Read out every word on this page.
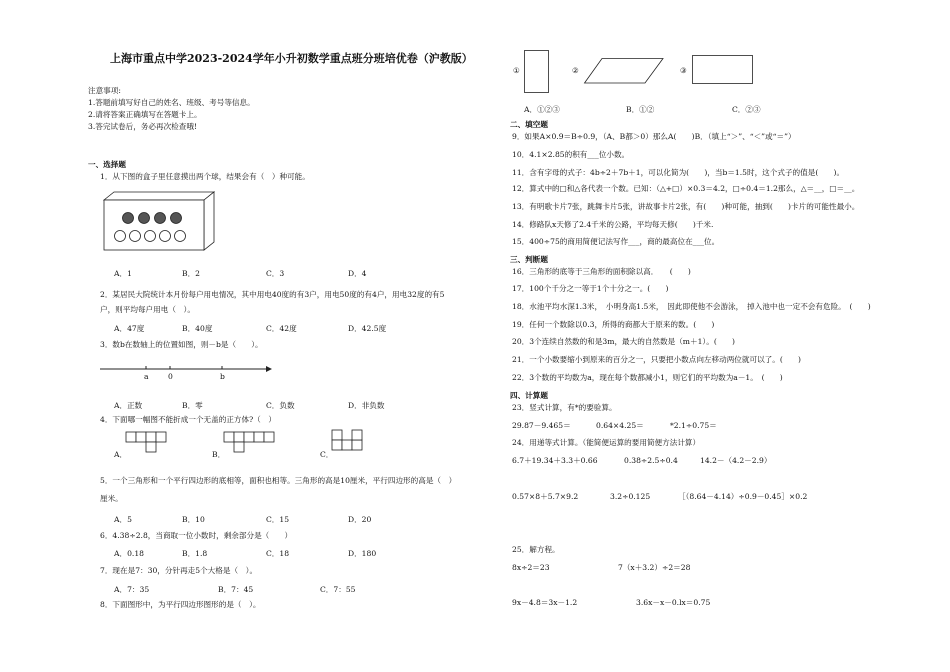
上海市重点中学2023-2024学年小升初数学重点班分班培优卷（沪教版）
注意事项:
1.答题前填写好自己的姓名、班级、考号等信息。
2.请将答案正确填写在答题卡上。
3.答完试卷后，务必再次检查哦!
一、选择题
1．从下图的盒子里任意摸出两个球，结果会有（　）种可能。
A．1	B．2	C．3	D．4
2．某居民大院统计本月份每户用电情况，其中用电40度的有3户，用电50度的有4户，用电32度的有5
户，则平均每户用电（　）。
A．47度	B．40度	C．42度	D．42.5度
3．数b在数轴上的位置如图，则－b是（　　）。
a	0	b
A．正数	B．零	C．负数	D．非负数
4．下面哪一幅图不能折成一个无盖的正方体?（　）
A．	B．	C．
5．一个三角形和一个平行四边形的底相等，面积也相等。三角形的高是10厘米，平行四边形的高是（　）
厘米。
A．5	B．10	C．15	D．20
6．4.38÷2.8，当商取一位小数时，剩余部分是（　　）
A．0.18	B．1.8	C．18	D．180
7．现在是7：30，分针再走5个大格是（　）。
A．7：35	B．7：45	C．7：55
8．下面图形中，为平行四边形图形的是（　）。
①	②	③
A．①②③	B．①②	C．②③
二、填空题
9．如果A×0.9＝B÷0.9，（A、B都＞0）那么A(　　)B．（填上“＞”、“＜”或“＝”）
10．4.1×2.85的积有___位小数。
11．含有字母的式子：4b÷2＋7b＋1，可以化简为(　　)，当b＝1.5时，这个式子的值是(　　)。
12．算式中的□和△各代表一个数。已知：（△+□）×0.3＝4.2，□÷0.4＝1.2那么，△＝__，□＝__。
13．有明歌卡片7张，跳舞卡片5张，讲故事卡片2张，有(　　)种可能，抽到(　　)卡片的可能性最小。
14．修路队x天修了2.4千米的公路，平均每天修(　　)千米.
15．400÷75的商用简便记法写作___，商的最高位在___位。
三、判断题
16．三角形的底等于三角形的面积除以高．　　(　　)
17．100个千分之一等于1个十分之一。(　　)
18．水池平均水深1.3米，　小明身高1.5米，　因此即使他不会游泳，　掉入池中也一定不会有危险。　(　　)
19．任何一个数除以0.3，所得的商都大于原来的数。(　　)
20．3个连续自然数的和是3m，最大的自然数是（m＋1）。(　　)
21．一个小数要缩小到原来的百分之一，只要把小数点向左移动两位就可以了。(　　)
22．3个数的平均数为a，现在每个数都减小1，则它们的平均数为a－1。　(　　)
四、计算题
23．竖式计算，有*的要验算。
29.87－9.465＝	0.64×4.25＝	*2.1÷0.75＝
24．用递等式计算。（能简便运算的要用简便方法计算）
6.7＋19.34＋3.3＋0.66	0.38÷2.5÷0.4	14.2－（4.2－2.9）
0.57×8＋5.7×9.2	3.2÷0.125	［（8.64－4.14）÷0.9－0.45］×0.2
25．解方程。
8x÷2＝23	7（x＋3.2）÷2＝28
9x－4.8＝3x－1.2	3.6x－x－0.lx＝0.75
